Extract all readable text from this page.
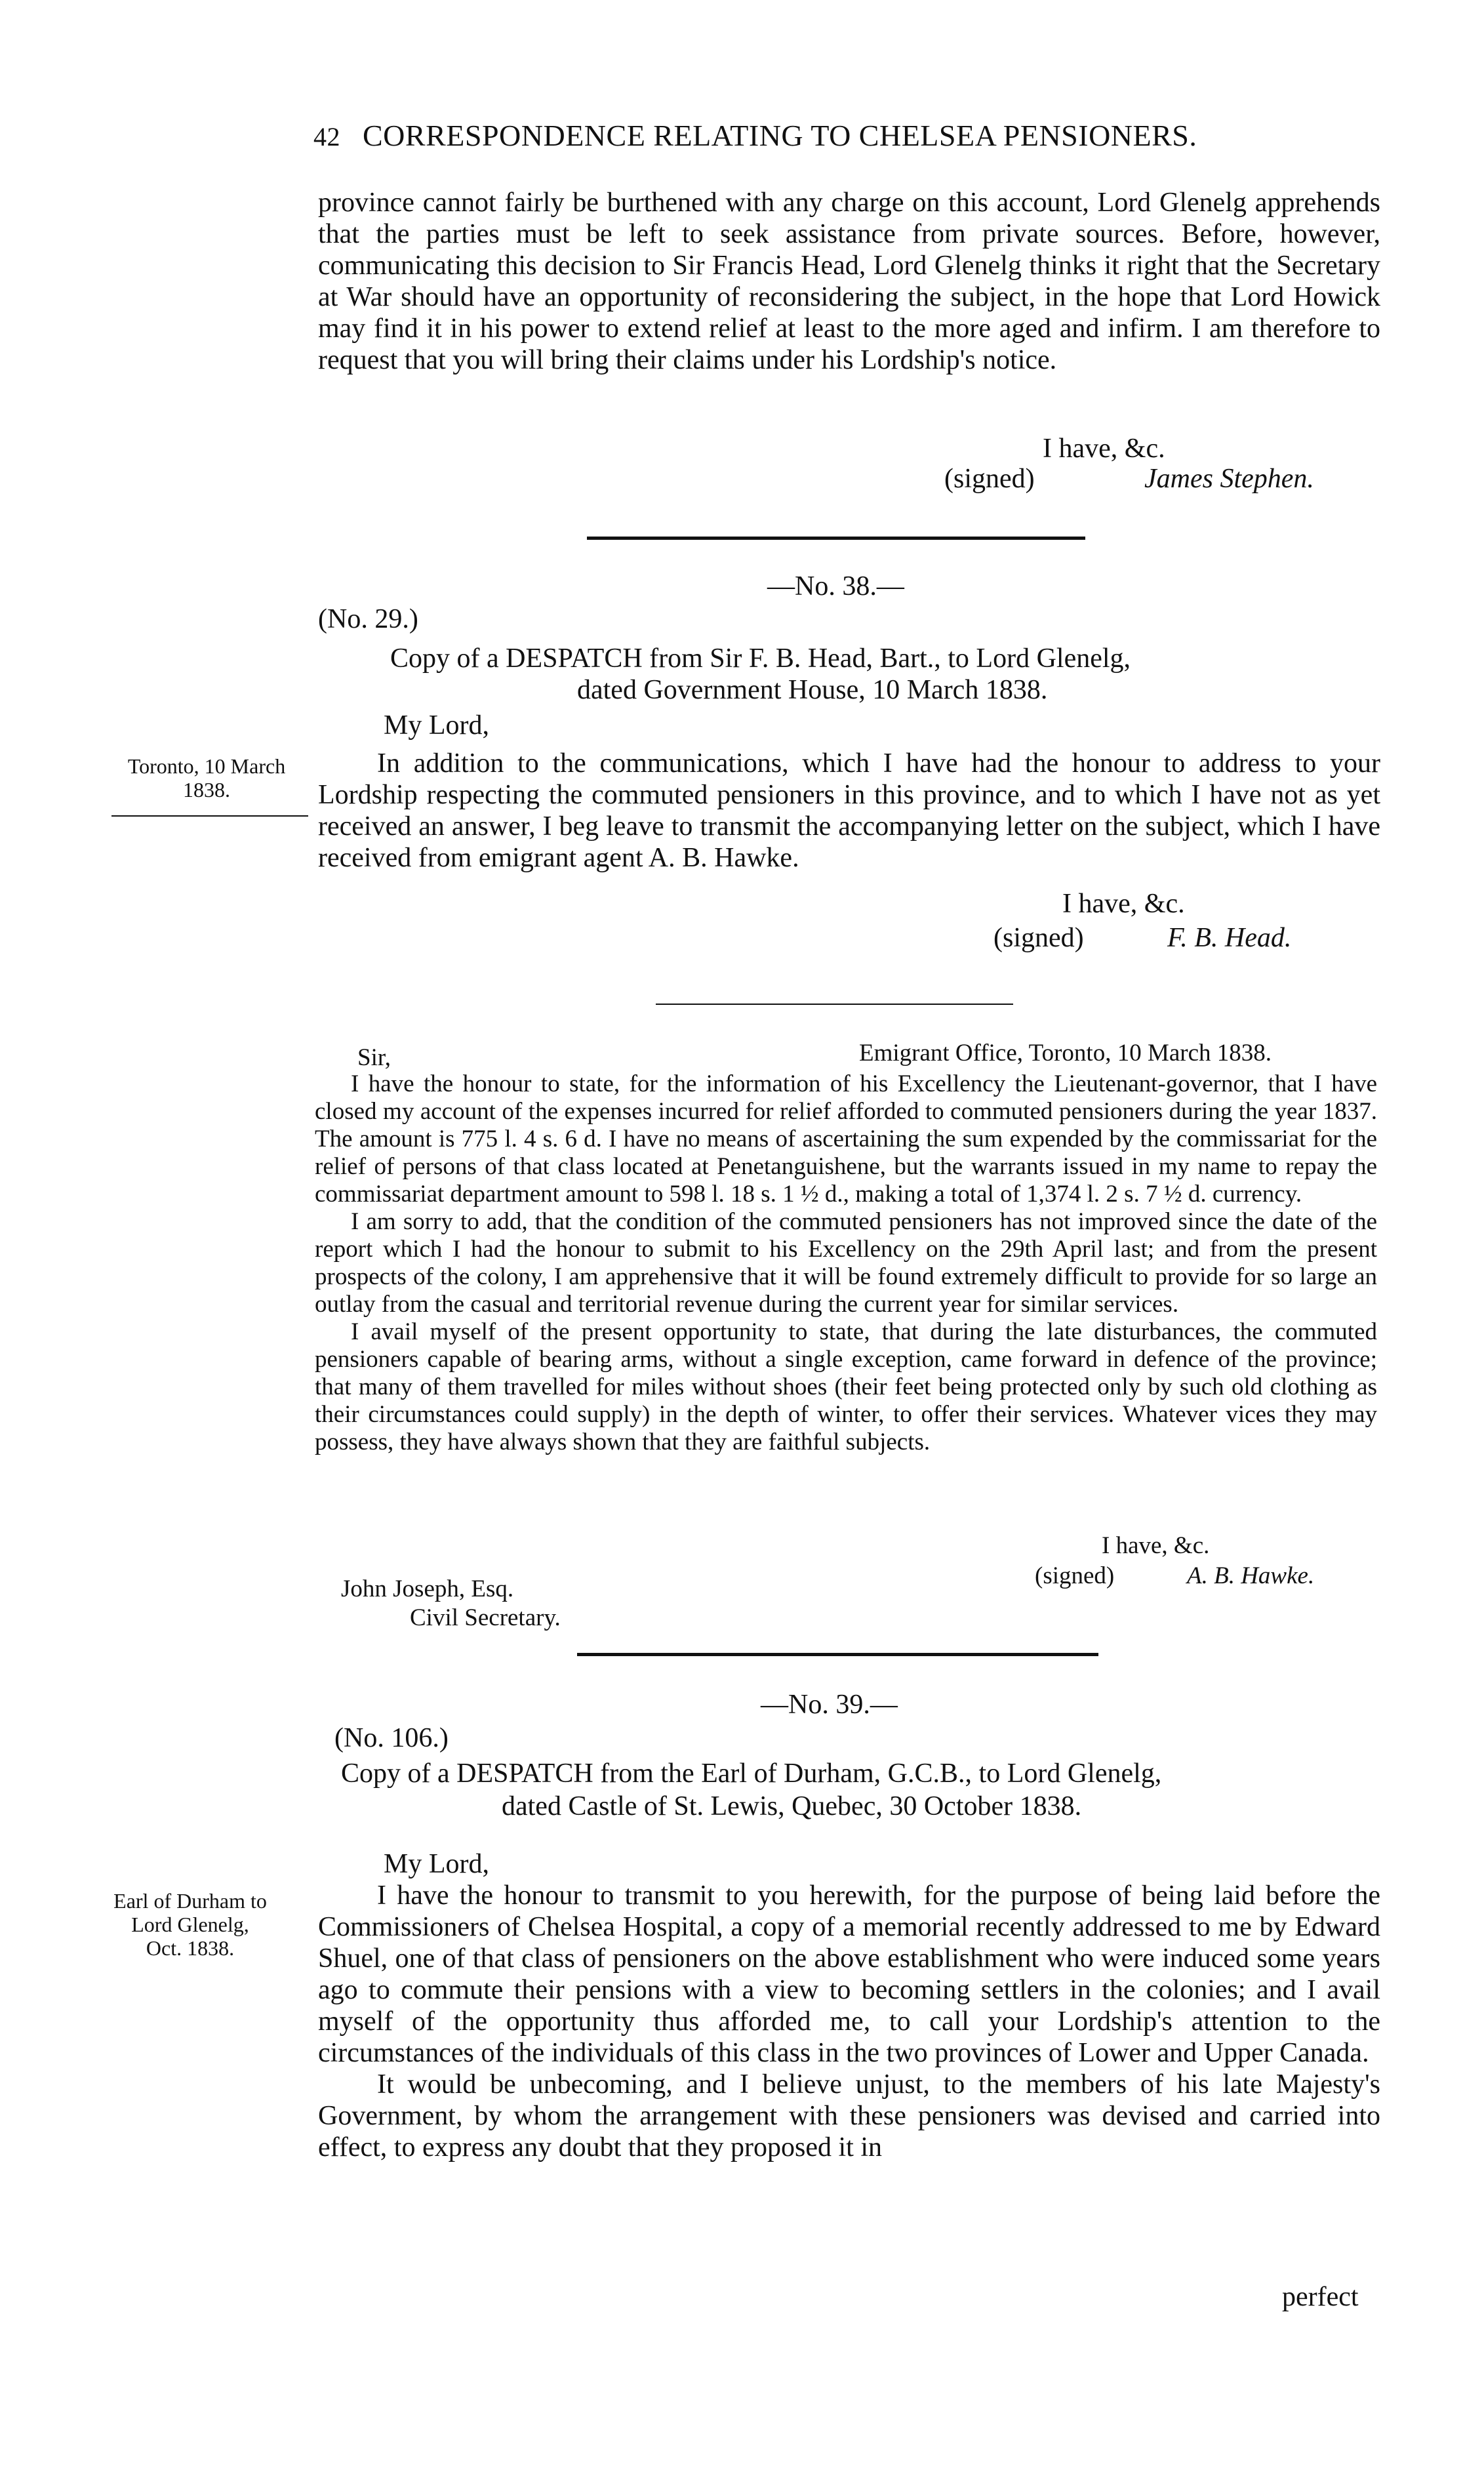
42 CORRESPONDENCE RELATING TO CHELSEA PENSIONERS.

province cannot fairly be burthened with any charge on this account, Lord Glenelg apprehends that the parties must be left to seek assistance from private sources. Before, however, communicating this decision to Sir Francis Head, Lord Glenelg thinks it right that the Secretary at War should have an opportunity of reconsidering the subject, in the hope that Lord Howick may find it in his power to extend relief at least to the more aged and infirm. I am therefore to request that you will bring their claims under his Lordship's notice.

I have, &c.
(signed)	James Stephen.
—No. 38.—
(No. 29.)
Copy of a DESPATCH from Sir F. B. Head, Bart., to Lord Glenelg,
dated Government House, 10 March 1838.
My Lord,
Toronto, 10 March
1838.

In addition to the communications, which I have had the honour to address to your Lordship respecting the commuted pensioners in this province, and to which I have not as yet received an answer, I beg leave to transmit the accompanying letter on the subject, which I have received from emigrant agent A. B. Hawke.

I have, &c.
(signed)	F. B. Head.
Sir,	Emigrant Office, Toronto, 10 March 1838.

I have the honour to state, for the information of his Excellency the Lieutenant-governor, that I have closed my account of the expenses incurred for relief afforded to commuted pensioners during the year 1837. The amount is 775 l. 4 s. 6 d. I have no means of ascertaining the sum expended by the commissariat for the relief of persons of that class located at Penetanguishene, but the warrants issued in my name to repay the commissariat department amount to 598 l. 18 s. 1 ½ d., making a total of 1,374 l. 2 s. 7 ½ d. currency.

I am sorry to add, that the condition of the commuted pensioners has not improved since the date of the report which I had the honour to submit to his Excellency on the 29th April last; and from the present prospects of the colony, I am apprehensive that it will be found extremely difficult to provide for so large an outlay from the casual and territorial revenue during the current year for similar services.

I avail myself of the present opportunity to state, that during the late disturbances, the commuted pensioners capable of bearing arms, without a single exception, came forward in defence of the province; that many of them travelled for miles without shoes (their feet being protected only by such old clothing as their circumstances could supply) in the depth of winter, to offer their services. Whatever vices they may possess, they have always shown that they are faithful subjects.

I have, &c.
(signed)	A. B. Hawke.
John Joseph, Esq.
Civil Secretary.
—No. 39.—
(No. 106.)
Copy of a DESPATCH from the Earl of Durham, G.C.B., to Lord Glenelg,
dated Castle of St. Lewis, Quebec, 30 October 1838.
My Lord,
Earl of Durham to
Lord Glenelg,
Oct. 1838.

I have the honour to transmit to you herewith, for the purpose of being laid before the Commissioners of Chelsea Hospital, a copy of a memorial recently addressed to me by Edward Shuel, one of that class of pensioners on the above establishment who were induced some years ago to commute their pensions with a view to becoming settlers in the colonies; and I avail myself of the opportunity thus afforded me, to call your Lordship's attention to the circumstances of the individuals of this class in the two provinces of Lower and Upper Canada.

It would be unbecoming, and I believe unjust, to the members of his late Majesty's Government, by whom the arrangement with these pensioners was devised and carried into effect, to express any doubt that they proposed it in

perfect
